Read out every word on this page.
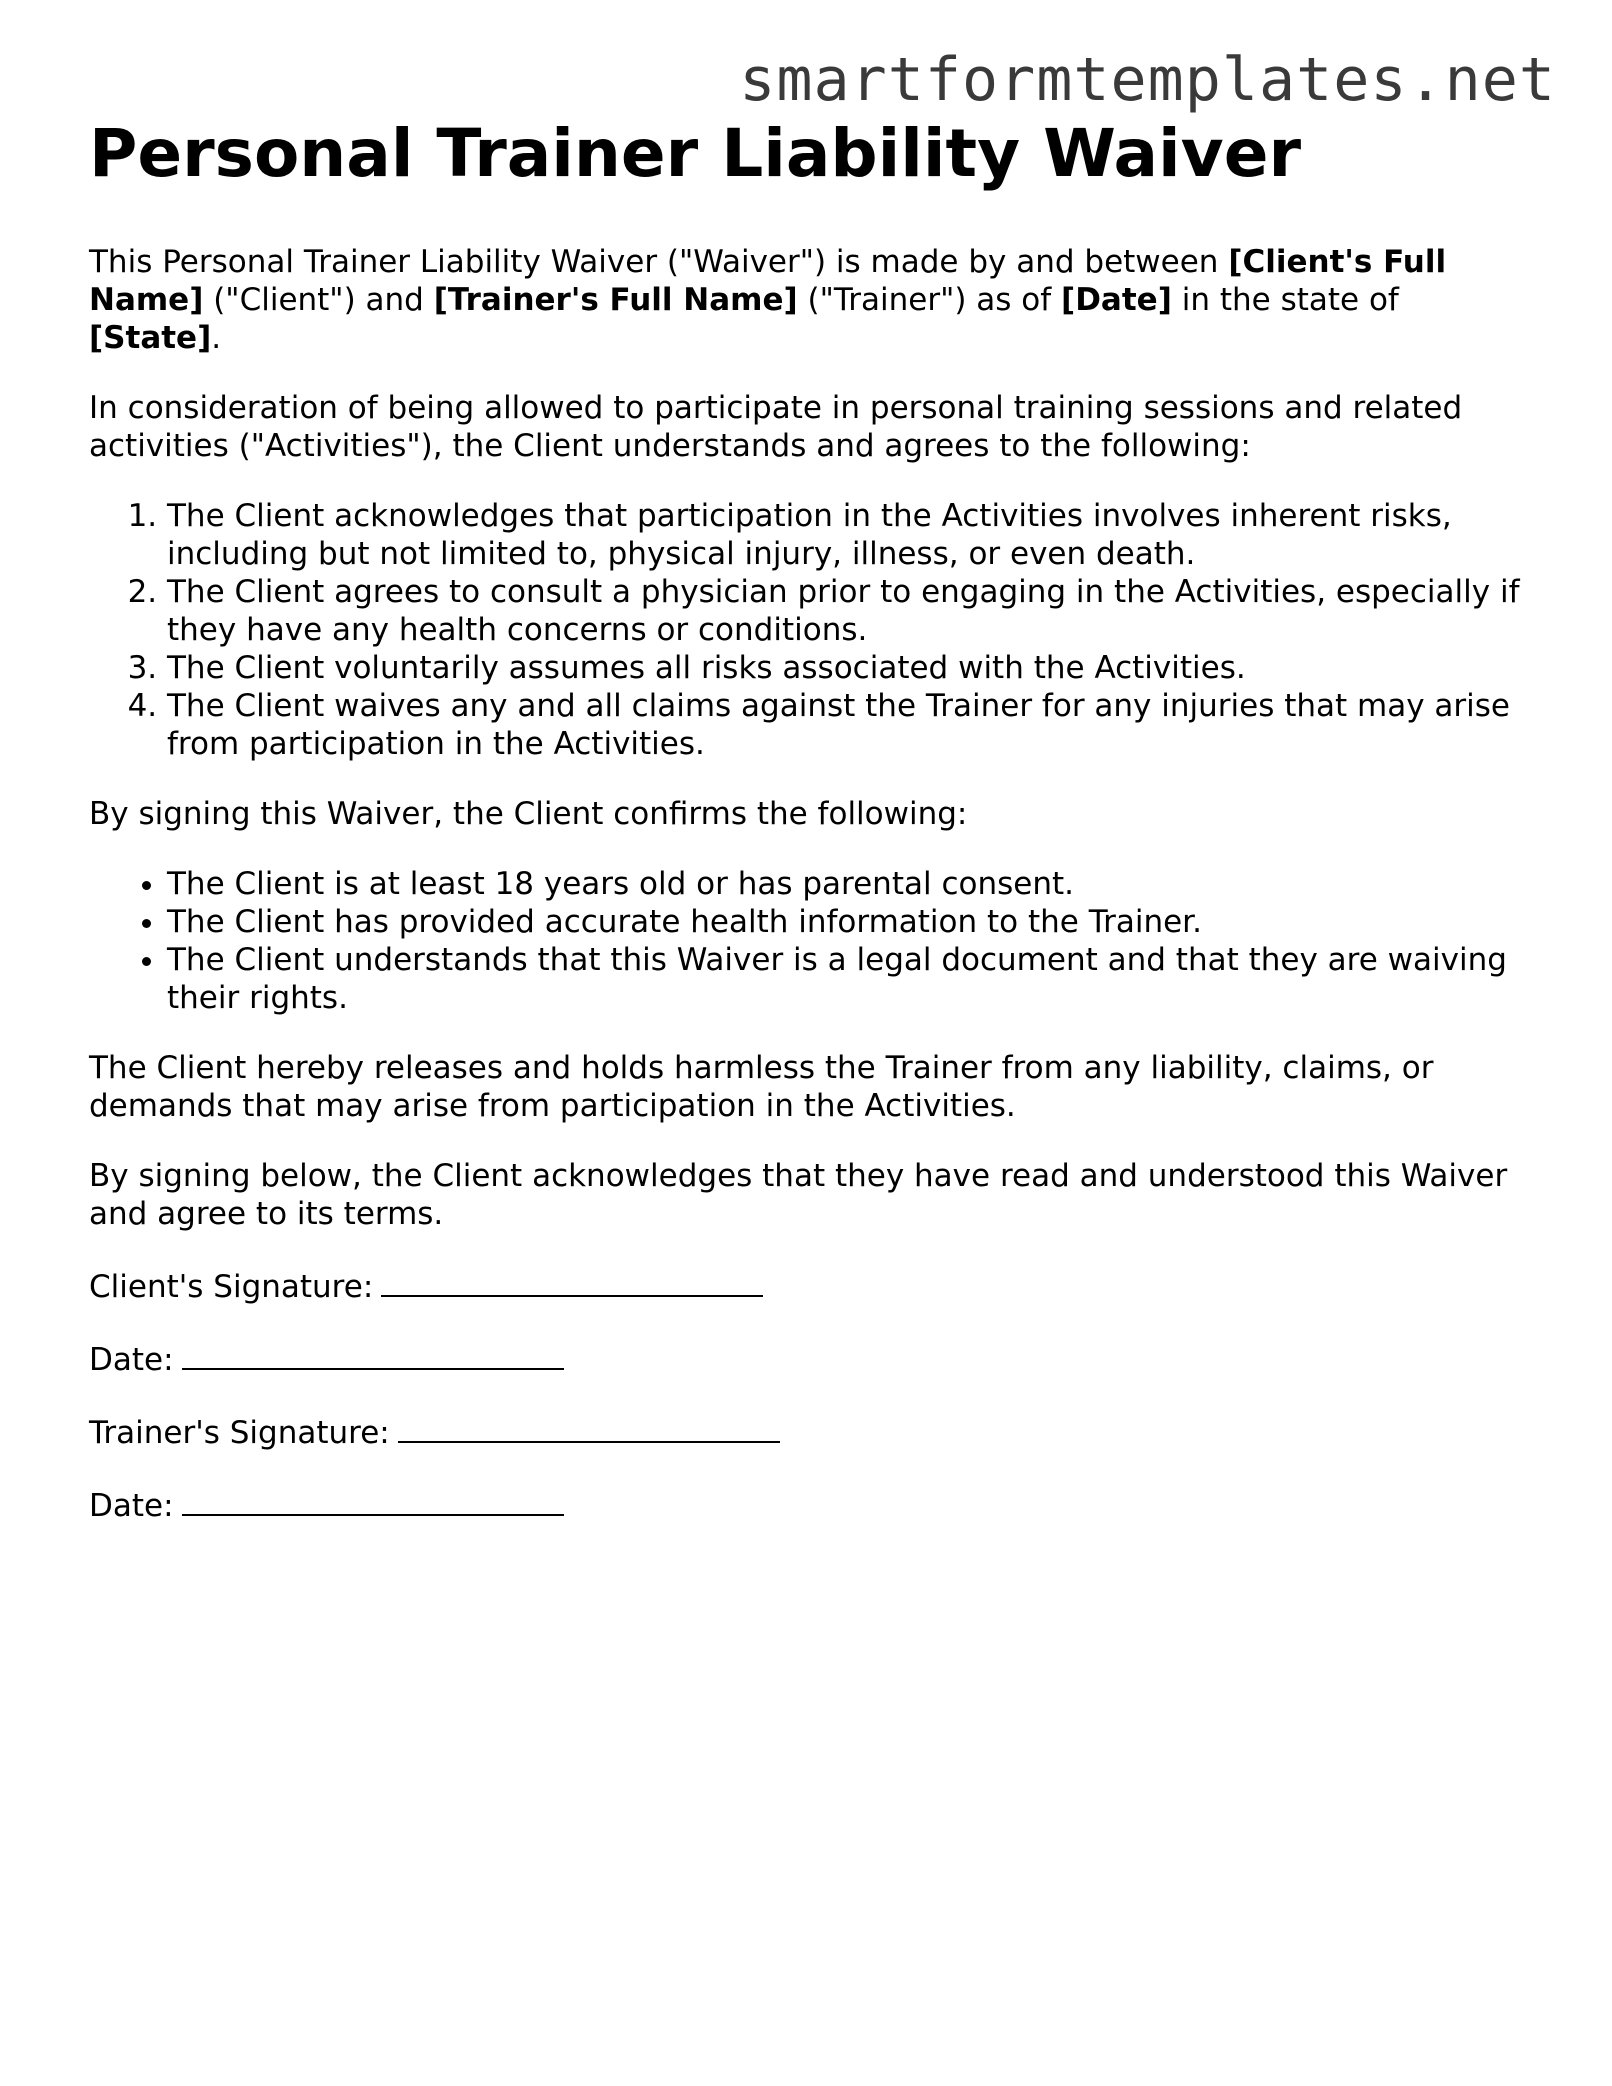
smartformtemplates.net
Personal Trainer Liability Waiver

This Personal Trainer Liability Waiver ("Waiver") is made by and between [Client's Full Name] ("Client") and [Trainer's Full Name] ("Trainer") as of [Date] in the state of [State].

In consideration of being allowed to participate in personal training sessions and related activities ("Activities"), the Client understands and agrees to the following:

1. The Client acknowledges that participation in the Activities involves inherent risks, including but not limited to, physical injury, illness, or even death.
2. The Client agrees to consult a physician prior to engaging in the Activities, especially if they have any health concerns or conditions.
3. The Client voluntarily assumes all risks associated with the Activities.
4. The Client waives any and all claims against the Trainer for any injuries that may arise from participation in the Activities.

By signing this Waiver, the Client confirms the following:

• The Client is at least 18 years old or has parental consent.
• The Client has provided accurate health information to the Trainer.
• The Client understands that this Waiver is a legal document and that they are waiving their rights.

The Client hereby releases and holds harmless the Trainer from any liability, claims, or demands that may arise from participation in the Activities.

By signing below, the Client acknowledges that they have read and understood this Waiver and agree to its terms.

Client's Signature:
Date:
Trainer's Signature:
Date:
